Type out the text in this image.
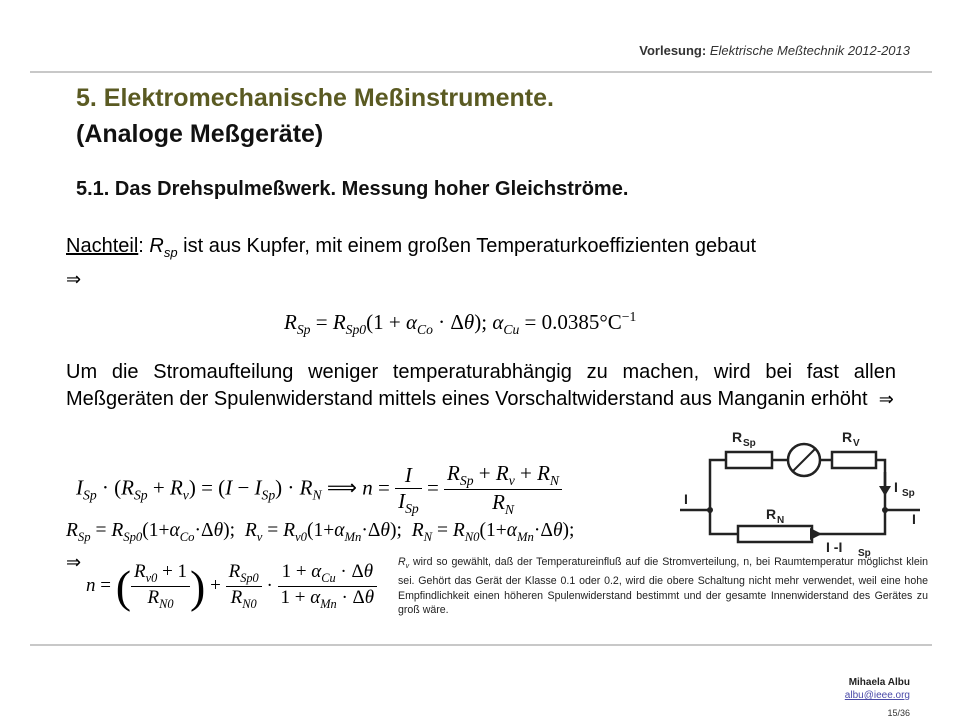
Vorlesung: Elektrische Meßtechnik 2012-2013
5. Elektromechanische Meßinstrumente.
(Analoge Meßgeräte)
5.1. Das Drehspulmeßwerk. Messung hoher Gleichströme.
Nachteil: $R_{sp}$ ist aus Kupfer, mit einem großen Temperaturkoeffizienten gebaut
⇒
$R_{Sp} = R_{Sp0}(1 + \alpha_{Co} \cdot \Delta\theta)$; $\alpha_{Cu} = 0.0385^\circ C^{-1}$
Um die Stromaufteilung weniger temperaturabhängig zu machen, wird bei fast allen Meßgeräten der Spulenwiderstand mittels eines Vorschaltwiderstand aus Manganin erhöht ⇒
$I_{Sp} \cdot (R_{Sp} + R_v) = (I - I_{Sp}) \cdot R_N$ ⟹ $n = \frac{I}{I_{Sp}} = \frac{R_{Sp} + R_v + R_N}{R_N}$
$R_{Sp} = R_{Sp0}(1+\alpha_{Co}\cdot\Delta\theta)$;  $R_v = R_{v0}(1+\alpha_{Mn}\cdot\Delta\theta)$;  $R_N = R_{N0}(1+\alpha_{Mn}\cdot\Delta\theta)$;
⇒
n = ( $\frac{R_{v0} + 1}{R_{N0}}$ ) + $\frac{R_{Sp0}}{R_{N0}} \cdot \frac{1 + \alpha_{Cu} \cdot \Delta\theta}{1 + \alpha_{Mn} \cdot \Delta\theta}$
R Sp	R V
I Sp
R N
I
I
I -I Sp
$R_v$ wird so gewählt, daß der Temperatureinfluß auf die Stromverteilung, n, bei Raumtemperatur möglichst klein sei. Gehört das Gerät der Klasse 0.1 oder 0.2, wird die obere Schaltung nicht mehr verwendet, weil eine hohe Empfindlichkeit einen höheren Spulenwiderstand bestimmt und der gesamte Innenwiderstand des Gerätes zu groß wäre.
Mihaela Albu
albu@ieee.org
15/36
